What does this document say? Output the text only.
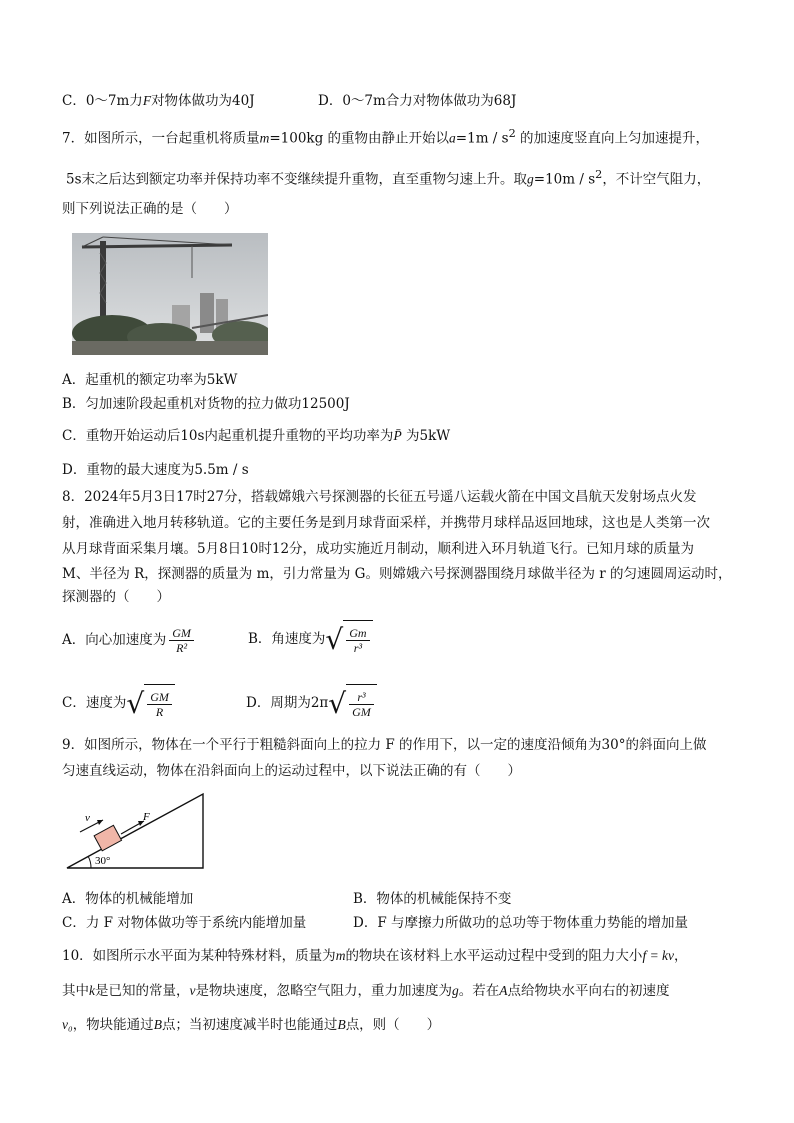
C．0～7m力F对物体做功为40J	D．0～7m合力对物体做功为68J
7．如图所示，一台起重机将质量m=100kg 的重物由静止开始以$a=1m / s^2$ 的加速度竖直向上匀加速提升，
5s末之后达到额定功率并保持功率不变继续提升重物，直至重物匀速上升。取$g=10m / s^2$，不计空气阻力，
则下列说法正确的是（　　）
A．起重机的额定功率为5kW
B．匀加速阶段起重机对货物的拉力做功12500J
C．重物开始运动后10s内起重机提升重物的平均功率为P̄ 为5kW
D．重物的最大速度为5.5m / s
8．2024年5月3日17时27分，搭载嫦娥六号探测器的长征五号遥八运载火箭在中国文昌航天发射场点火发
射，准确进入地月转移轨道。它的主要任务是到月球背面采样，并携带月球样品返回地球，这也是人类第一次
从月球背面采集月壤。5月8日10时12分，成功实施近月制动，顺利进入环月轨道飞行。已知月球的质量为
M、半径为 R，探测器的质量为 m，引力常量为 G。则嫦娥六号探测器围绕月球做半径为 r 的匀速圆周运动时，
探测器的（　　）
A．向心加速度为 $\frac{GM}{\text{R²}}$	B．角速度为 √ $\frac{Gm}{\text{r³}}$
C．速度为 √ $\frac{GM}{R}$	D．周期为2π √ $\frac{\text{r³}}{GM}$
9．如图所示，物体在一个平行于粗糙斜面向上的拉力 F 的作用下，以一定的速度沿倾角为30°的斜面向上做
匀速直线运动，物体在沿斜面向上的运动过程中，以下说法正确的有（　　）
v	F
30°
A．物体的机械能增加	B．物体的机械能保持不变
C．力 F 对物体做功等于系统内能增加量	D．F 与摩擦力所做功的总功等于物体重力势能的增加量
10．如图所示水平面为某种特殊材料，质量为m的物块在该材料上水平运动过程中受到的阻力大小f = kv，
其中k是已知的常量，v是物块速度，忽略空气阻力，重力加速度为g。若在A点给物块水平向右的初速度
v₀，物块能通过B点；当初速度减半时也能通过B点，则（　　）
